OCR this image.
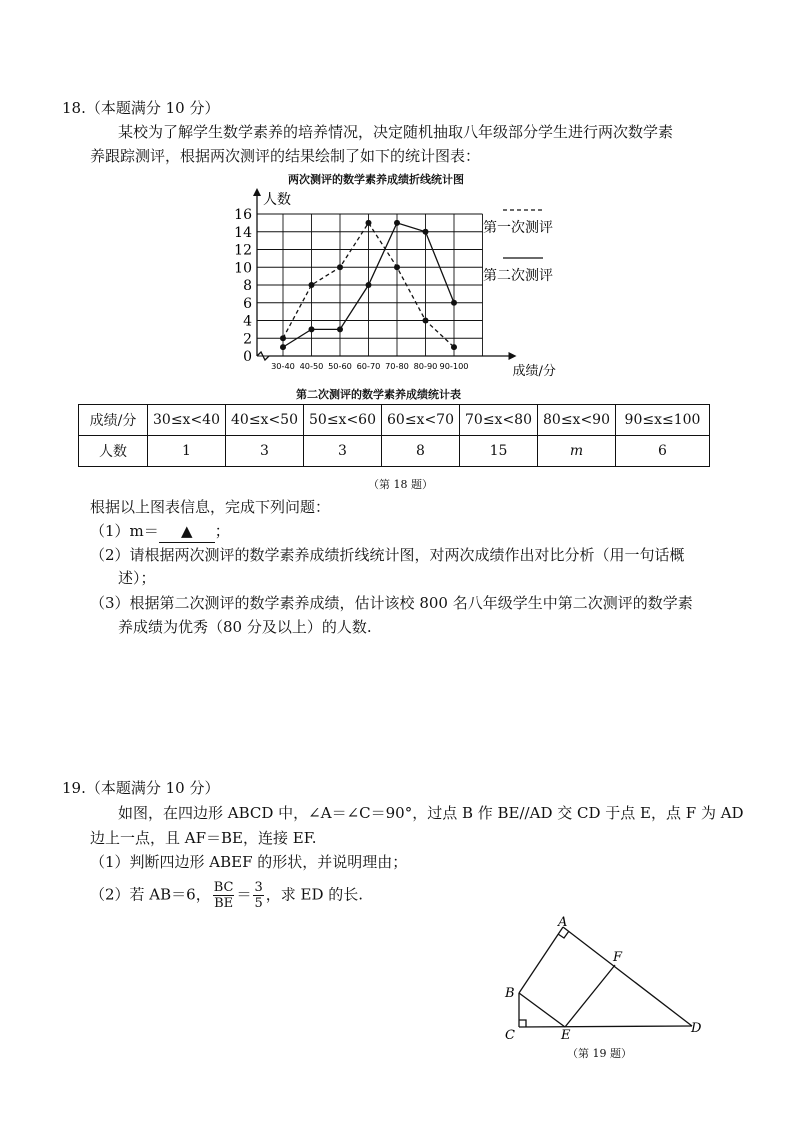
18.（本题满分 10 分）
某校为了解学生数学素养的培养情况，决定随机抽取八年级部分学生进行两次数学素
养跟踪测评，根据两次测评的结果绘制了如下的统计图表：
两次测评的数学素养成绩折线统计图
人数
成绩/分
0
2
4
6
8
10
12
14
16
30-40 40-50 50-60 60-70 70-80 80-90 90-100
第一次测评
第二次测评
第二次测评的数学素养成绩统计表
成绩/分	30≤x<40	40≤x<50	50≤x<60	60≤x<70	70≤x<80	80≤x<90	90≤x≤100
人数	1	3	3	8	15	m	6
（第 18 题）
根据以上图表信息，完成下列问题：
（1）m＝ ▲ ；
（2）请根据两次测评的数学素养成绩折线统计图，对两次成绩作出对比分析（用一句话概
述）；
（3）根据第二次测评的数学素养成绩，估计该校 800 名八年级学生中第二次测评的数学素
养成绩为优秀（80 分及以上）的人数.
19.（本题满分 10 分）
如图，在四边形 ABCD 中，∠A＝∠C＝90°，过点 B 作 BE//AD 交 CD 于点 E，点 F 为 AD
边上一点，且 AF＝BE，连接 EF.
（1）判断四边形 ABEF 的形状，并说明理由；
（2）若 AB＝6， $\frac{BC}{BE} = \frac{3}{5}$ ，求 ED 的长.
A
B
C	D
E
F
（第 19 题）
